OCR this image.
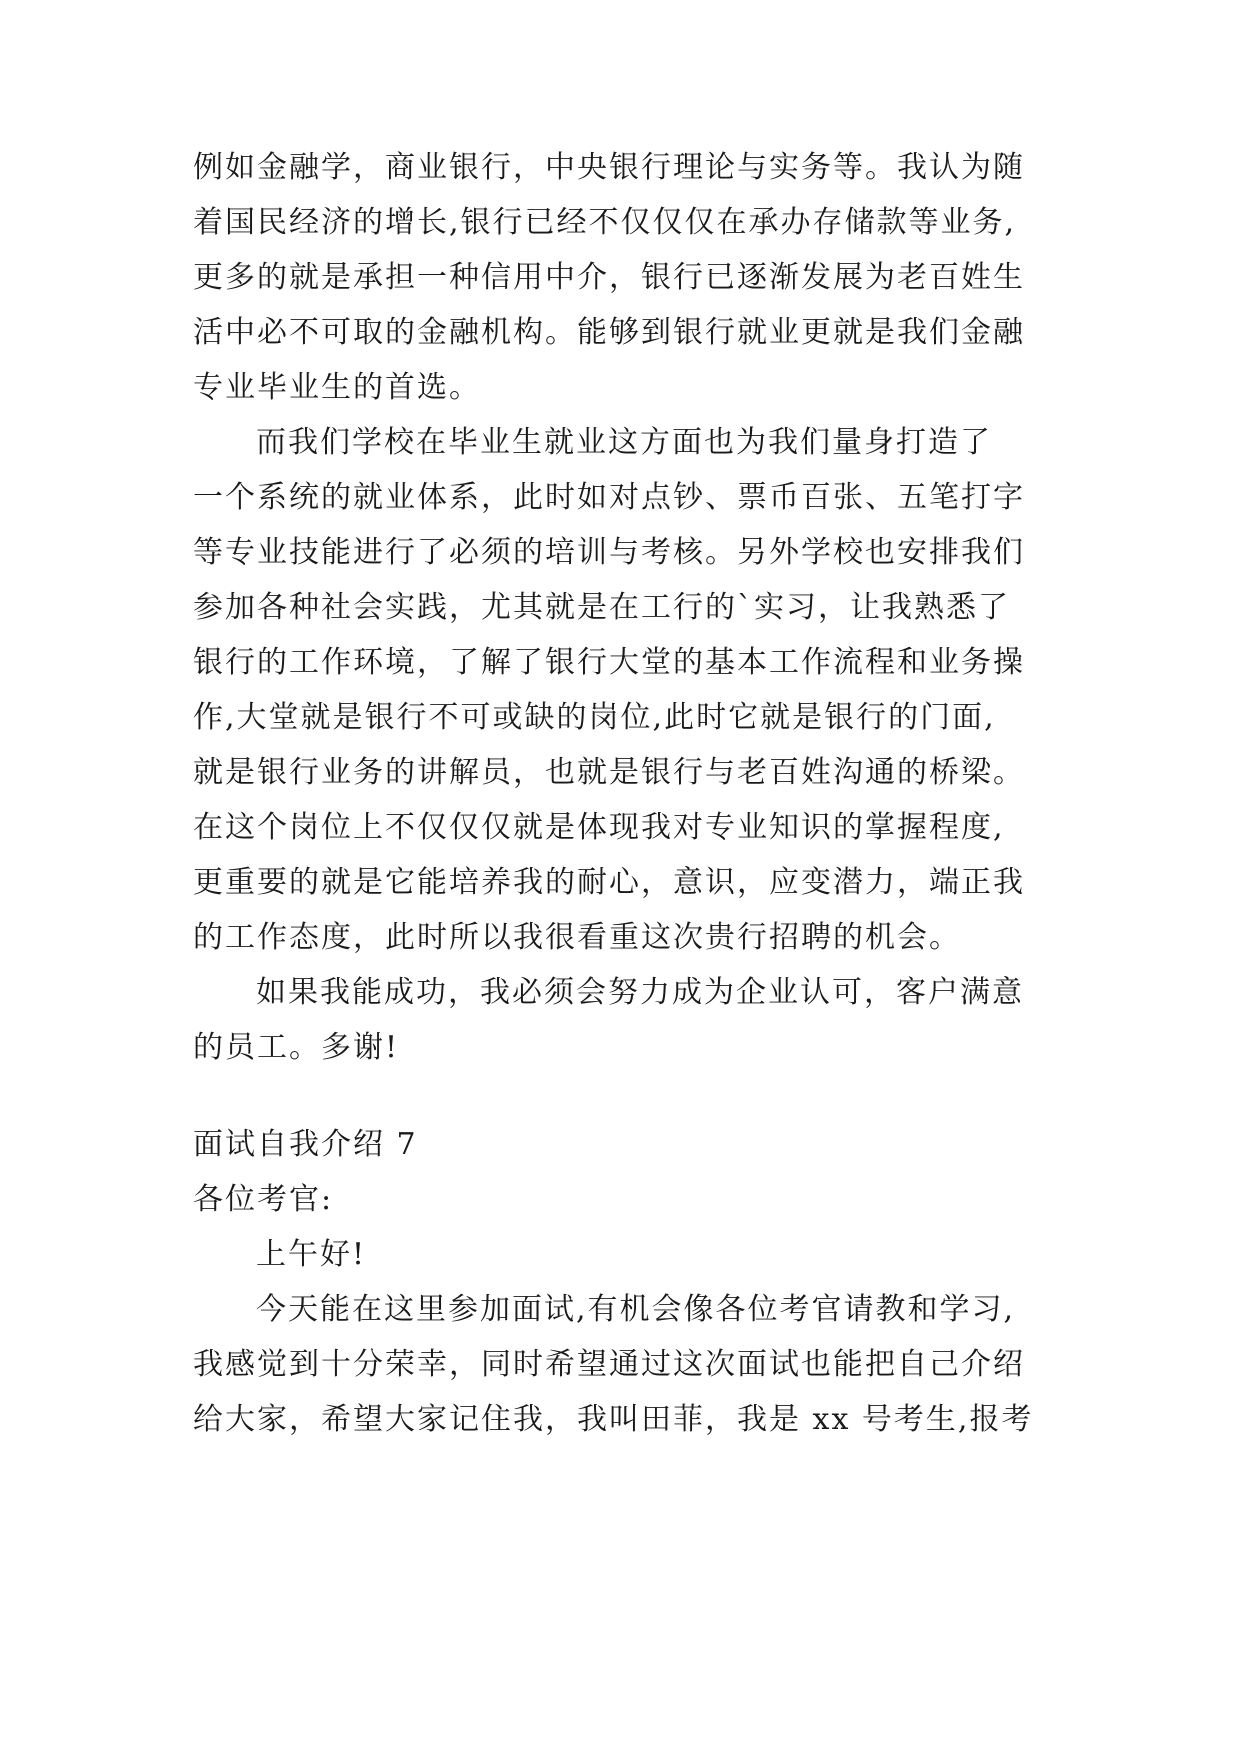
例如金融学，商业银行，中央银行理论与实务等。我认为随
着国民经济的增长,银行已经不仅仅仅在承办存储款等业务,
更多的就是承担一种信用中介，银行已逐渐发展为老百姓生
活中必不可取的金融机构。能够到银行就业更就是我们金融
专业毕业生的首选。
而我们学校在毕业生就业这方面也为我们量身打造了
一个系统的就业体系，此时如对点钞、票币百张、五笔打字
等专业技能进行了必须的培训与考核。另外学校也安排我们
参加各种社会实践，尤其就是在工行的`实习，让我熟悉了
银行的工作环境，了解了银行大堂的基本工作流程和业务操
作,大堂就是银行不可或缺的岗位,此时它就是银行的门面,
就是银行业务的讲解员，也就是银行与老百姓沟通的桥梁。
在这个岗位上不仅仅仅就是体现我对专业知识的掌握程度,
更重要的就是它能培养我的耐心，意识，应变潜力，端正我
的工作态度，此时所以我很看重这次贵行招聘的机会。
如果我能成功，我必须会努力成为企业认可，客户满意
的员工。多谢!
面试自我介绍 7
各位考官:
上午好!
今天能在这里参加面试,有机会像各位考官请教和学习,
我感觉到十分荣幸，同时希望通过这次面试也能把自己介绍
给大家，希望大家记住我，我叫田菲，我是 xx 号考生,报考
